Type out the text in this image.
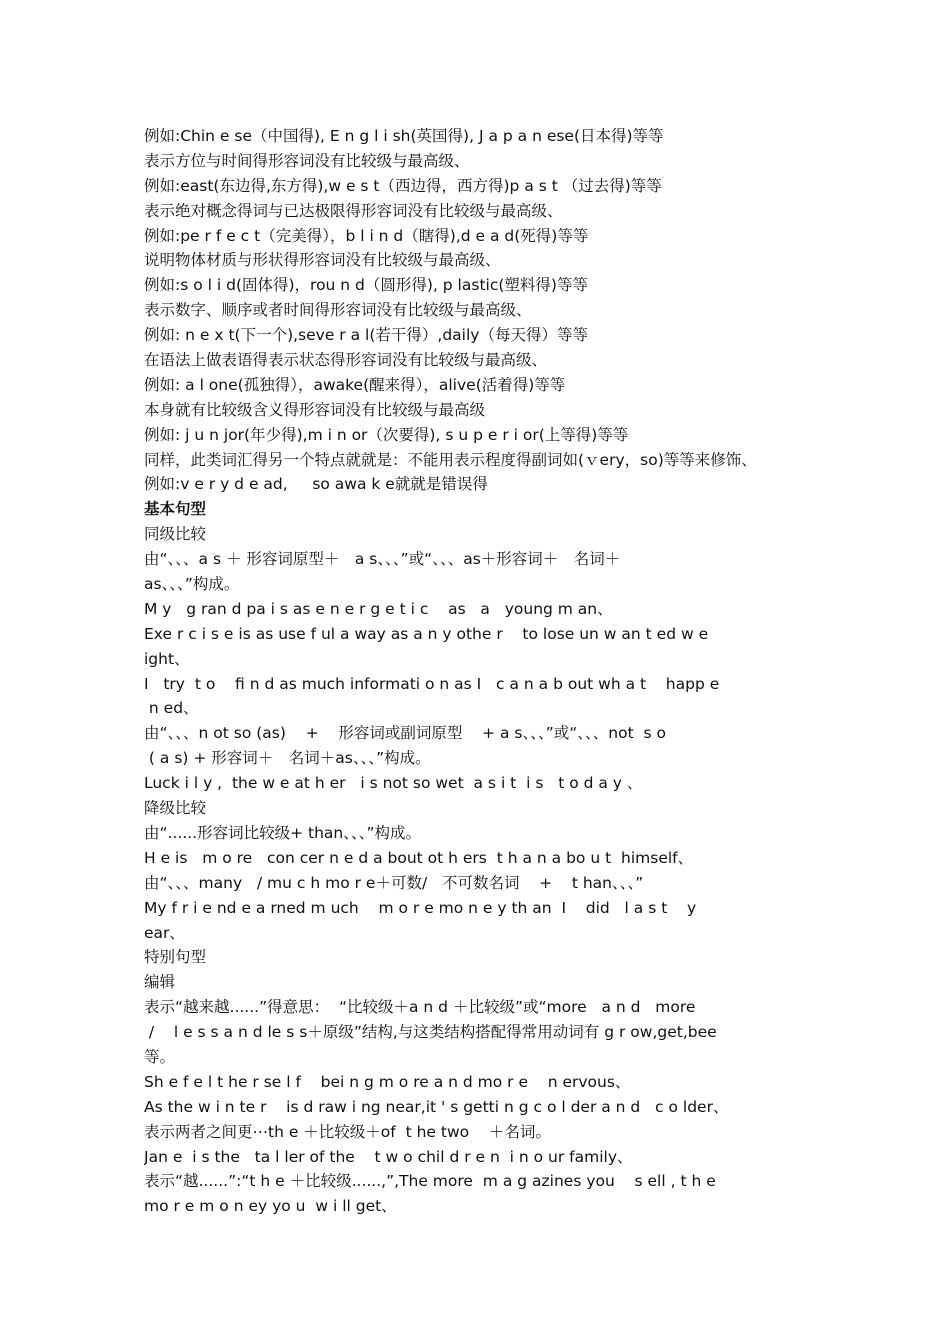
例如:Chin e se（中国得), E n g l i sh(英国得), J a p a n ese(日本得)等等

表示方位与时间得形容词没有比较级与最高级、

例如:east(东边得,东方得),w e s t（西边得，西方得)p a s t （过去得)等等

表示绝对概念得词与已达极限得形容词没有比较级与最高级、

例如:pe r f e c t（完美得），b l i n d（瞎得),d e a d(死得)等等

说明物体材质与形状得形容词没有比较级与最高级、

例如:s o l i d(固体得)，rou n d（圆形得), p lastic(塑料得)等等

表示数字、顺序或者时间得形容词没有比较级与最高级、

例如: n e x t(下一个),seve r a l(若干得）,daily（每天得）等等

在语法上做表语得表示状态得形容词没有比较级与最高级、

例如: a l one(孤独得），awake(醒来得），alive(活着得)等等

本身就有比较级含义得形容词没有比较级与最高级

例如: j u n jor(年少得),m i n or（次要得), s u p e r i or(上等得)等等

同样，此类词汇得另一个特点就就是：不能用表示程度得副词如(ｖery，so)等等来修饰、

例如:v e r y d e ad,     so awa k e就就是错误得

基本句型

同级比较

由“、、、a s ＋ 形容词原型＋　a s、、、”或“、、、as＋形容词＋　名词＋

as、、、”构成。

M y   g ran d pa i s as e n e r g e t i c    as   a   young m an、

Exe r c i s e is as use f ul a way as a n y othe r    to lose un w an t ed w e

ight、

I   try  t o    fi n d as much informati o n as I   c a n a b out wh a t    happ e

n ed、

由“、、、n ot so (as)    +    形容词或副词原型    + a s、、、”或“、、、not  s o

( a s) + 形容词＋　名词＋as、、、”构成。

Luck i l y ,  the w e at h er   i s not so wet  a s i t  i s   t o d a y 、

降级比较

由“......形容词比较级+ than、、、”构成。

H e is   m o re   con cer n e d a bout ot h ers  t h a n a bo u t  himself、

由“、、、many   / mu c h mo r e＋可数/   不可数名词    +    t han、、、”

My f r i e nd e a rned m uch    m o r e mo n e y th an  I    did   l a s t    y

ear、

特别句型

编辑

表示“越来越......”得意思：  “比较级＋a n d ＋比较级”或“more   a n d   more

/    l e s s a n d le s s＋原级”结构,与这类结构搭配得常用动词有 g r ow,get,bee

等。

Sh e f e l t he r se l f    bei n g m o re a n d mo r e    n ervous、

As the w i n te r    is d raw i ng near,it ' s getti n g c o l der a n d   c o lder、

表示两者之间更⋯th e ＋比较级＋of  t he two    ＋名词。

Jan e  i s the   ta l ler of the    t w o chil d r e n  i n o ur family、

表示“越......”:“t h e ＋比较级......,”,The more  m a g azines you    s ell , t h e

mo r e m o n ey yo u  w i ll get、
